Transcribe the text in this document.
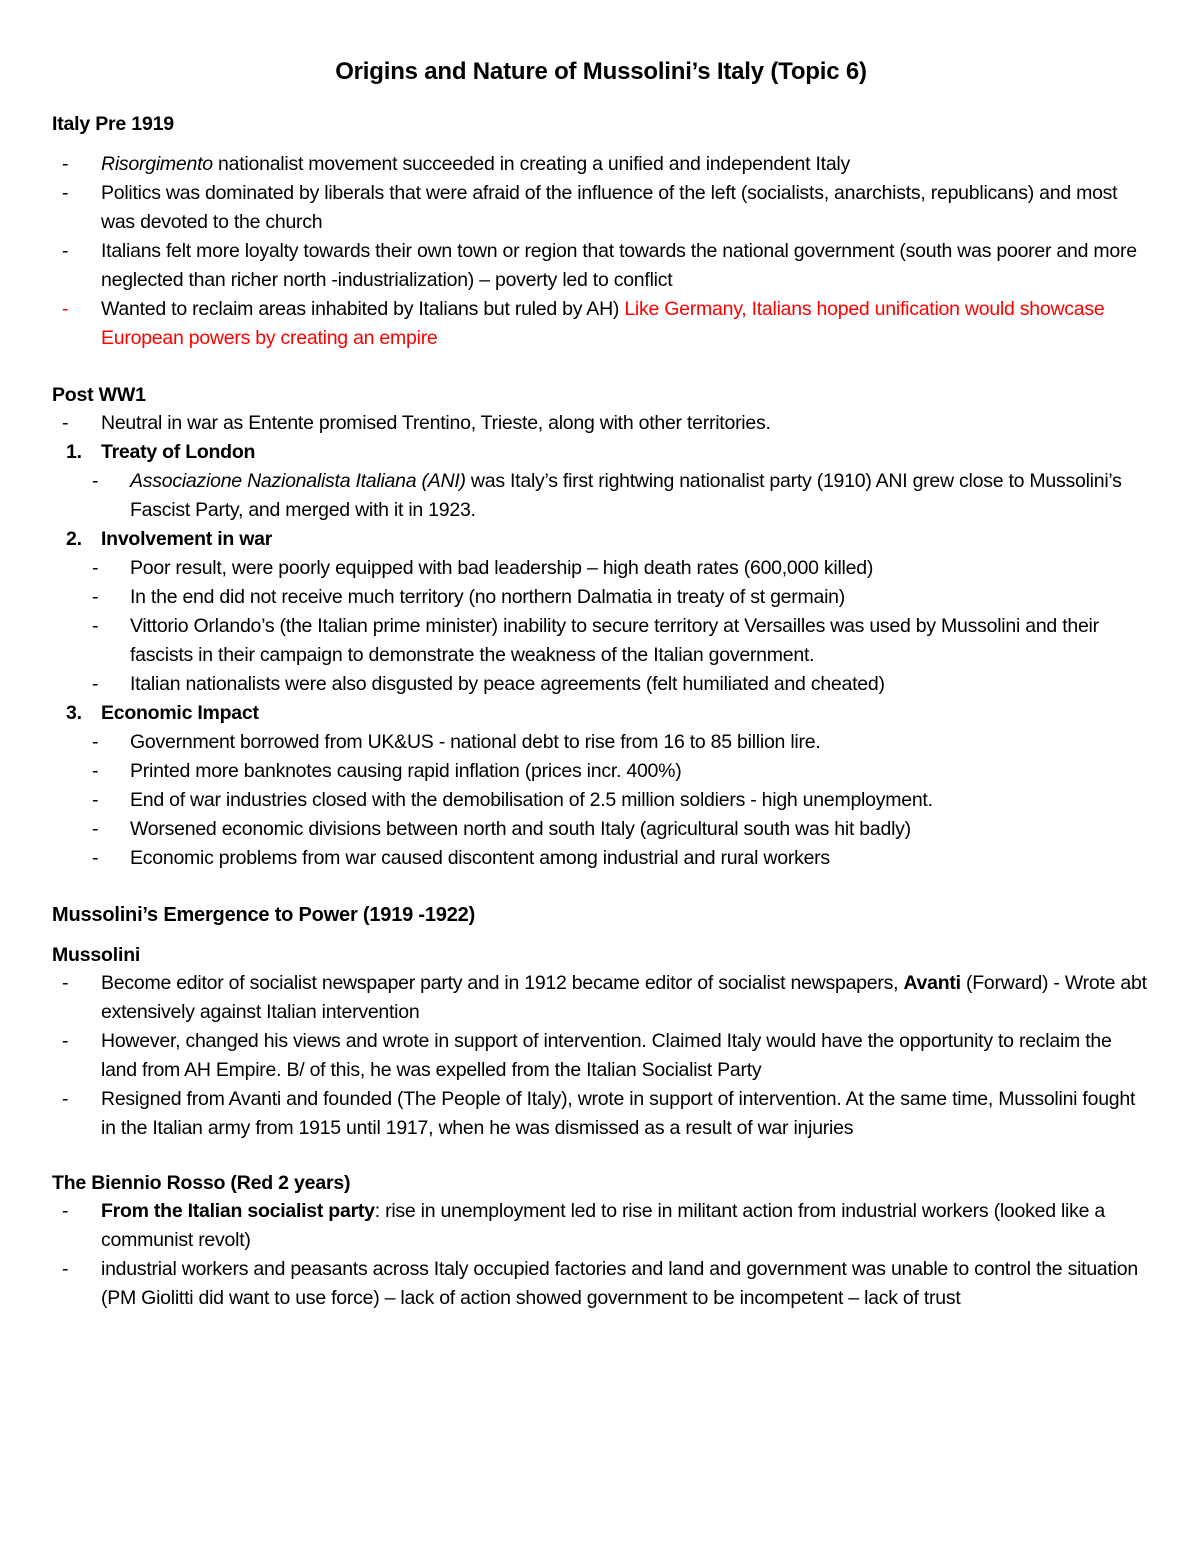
Origins and Nature of Mussolini’s Italy (Topic 6)
Italy Pre 1919
- Risorgimento nationalist movement succeeded in creating a unified and independent Italy
- Politics was dominated by liberals that were afraid of the influence of the left (socialists, anarchists, republicans) and most was devoted to the church
- Italians felt more loyalty towards their own town or region that towards the national government (south was poorer and more neglected than richer north -industrialization) – poverty led to conflict
- Wanted to reclaim areas inhabited by Italians but ruled by AH) Like Germany, Italians hoped unification would showcase European powers by creating an empire
Post WW1
- Neutral in war as Entente promised Trentino, Trieste, along with other territories.
1. Treaty of London
- Associazione Nazionalista Italiana (ANI) was Italy’s first rightwing nationalist party (1910) ANI grew close to Mussolini’s Fascist Party, and merged with it in 1923.
2. Involvement in war
- Poor result, were poorly equipped with bad leadership – high death rates (600,000 killed)
- In the end did not receive much territory (no northern Dalmatia in treaty of st germain)
- Vittorio Orlando’s (the Italian prime minister) inability to secure territory at Versailles was used by Mussolini and their fascists in their campaign to demonstrate the weakness of the Italian government.
- Italian nationalists were also disgusted by peace agreements (felt humiliated and cheated)
3. Economic Impact
- Government borrowed from UK&US - national debt to rise from 16 to 85 billion lire.
- Printed more banknotes causing rapid inflation (prices incr. 400%)
- End of war industries closed with the demobilisation of 2.5 million soldiers - high unemployment.
- Worsened economic divisions between north and south Italy (agricultural south was hit badly)
- Economic problems from war caused discontent among industrial and rural workers
Mussolini’s Emergence to Power (1919 -1922)
Mussolini
- Become editor of socialist newspaper party and in 1912 became editor of socialist newspapers, Avanti (Forward) - Wrote abt extensively against Italian intervention
- However, changed his views and wrote in support of intervention. Claimed Italy would have the opportunity to reclaim the land from AH Empire. B/ of this, he was expelled from the Italian Socialist Party
- Resigned from Avanti and founded (The People of Italy), wrote in support of intervention. At the same time, Mussolini fought in the Italian army from 1915 until 1917, when he was dismissed as a result of war injuries
The Biennio Rosso (Red 2 years)
- From the Italian socialist party: rise in unemployment led to rise in militant action from industrial workers (looked like a communist revolt)
- industrial workers and peasants across Italy occupied factories and land and government was unable to control the situation (PM Giolitti did want to use force) – lack of action showed government to be incompetent – lack of trust
